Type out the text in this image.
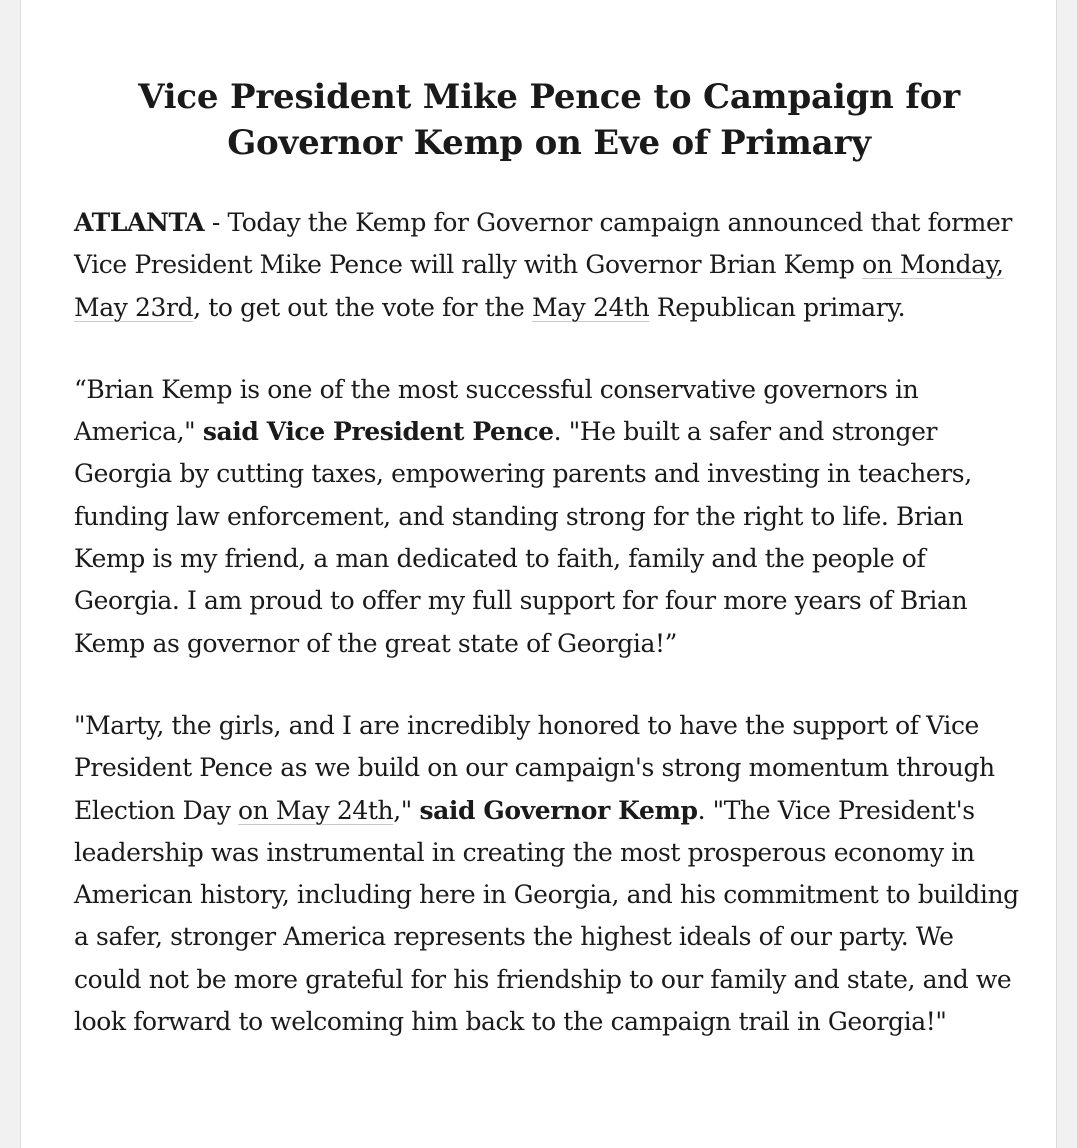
Vice President Mike Pence to Campaign for Governor Kemp on Eve of Primary

ATLANTA - Today the Kemp for Governor campaign announced that former Vice President Mike Pence will rally with Governor Brian Kemp on Monday, May 23rd, to get out the vote for the May 24th Republican primary.

“Brian Kemp is one of the most successful conservative governors in America," said Vice President Pence. "He built a safer and stronger Georgia by cutting taxes, empowering parents and investing in teachers, funding law enforcement, and standing strong for the right to life. Brian Kemp is my friend, a man dedicated to faith, family and the people of Georgia. I am proud to offer my full support for four more years of Brian Kemp as governor of the great state of Georgia!”

"Marty, the girls, and I are incredibly honored to have the support of Vice President Pence as we build on our campaign's strong momentum through Election Day on May 24th," said Governor Kemp. "The Vice President's leadership was instrumental in creating the most prosperous economy in American history, including here in Georgia, and his commitment to building a safer, stronger America represents the highest ideals of our party. We could not be more grateful for his friendship to our family and state, and we look forward to welcoming him back to the campaign trail in Georgia!"
